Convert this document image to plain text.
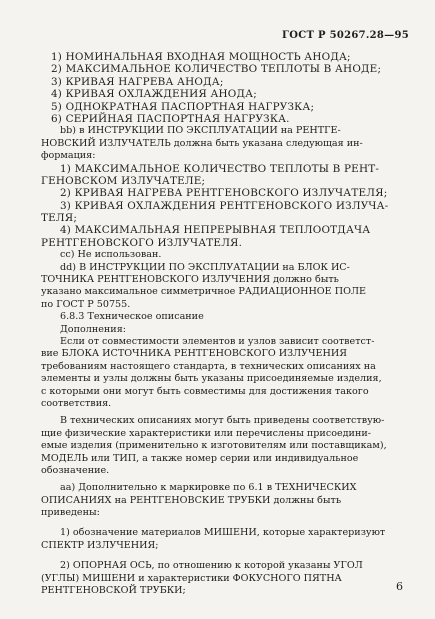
ГОСТ Р 50267.28—95
1) НОМИНАЛЬНАЯ ВХОДНАЯ МОЩНОСТЬ АНОДА;
2) МАКСИМАЛЬНОЕ КОЛИЧЕСТВО ТЕПЛОТЫ В АНОДЕ;
3) КРИВАЯ НАГРЕВА АНОДА;
4) КРИВАЯ ОХЛАЖДЕНИЯ АНОДА;
5) ОДНОКРАТНАЯ ПАСПОРТНАЯ НАГРУЗКА;
6) СЕРИЙНАЯ ПАСПОРТНАЯ НАГРУЗКА.
bb) в ИНСТРУКЦИИ ПО ЭКСПЛУАТАЦИИ на РЕНТГЕ-
НОВСКИЙ ИЗЛУЧАТЕЛЬ должна быть указана следующая ин-
формация:
1) МАКСИМАЛЬНОЕ КОЛИЧЕСТВО ТЕПЛОТЫ В РЕНТ-
ГЕНОВСКОМ ИЗЛУЧАТЕЛЕ;
2) КРИВАЯ НАГРЕВА РЕНТГЕНОВСКОГО ИЗЛУЧАТЕЛЯ;
3) КРИВАЯ ОХЛАЖДЕНИЯ РЕНТГЕНОВСКОГО ИЗЛУЧА-
ТЕЛЯ;
4) МАКСИМАЛЬНАЯ НЕПРЕРЫВНАЯ ТЕПЛООТДАЧА
РЕНТГЕНОВСКОГО ИЗЛУЧАТЕЛЯ.
cc) Не использован.
dd) В ИНСТРУКЦИИ ПО ЭКСПЛУАТАЦИИ на БЛОК ИС-
ТОЧНИКА РЕНТГЕНОВСКОГО ИЗЛУЧЕНИЯ должно быть
указано максимальное симметричное РАДИАЦИОННОЕ ПОЛЕ
по ГОСТ Р 50755.
6.8.3 Техническое описание
Дополнения:
Если от совместимости элементов и узлов зависит соответст-
вие БЛОКА ИСТОЧНИКА РЕНТГЕНОВСКОГО ИЗЛУЧЕНИЯ
требованиям настоящего стандарта, в технических описаниях на
элементы и узлы должны быть указаны присоединяемые изделия,
с которыми они могут быть совместимы для достижения такого
соответствия.
В технических описаниях могут быть приведены соответствую-
щие физические характеристики или перечислены присоедини-
емые изделия (применительно к изготовителям или поставщикам),
МОДЕЛЬ или ТИП, а также номер серии или индивидуальное
обозначение.
aa) Дополнительно к маркировке по 6.1 в ТЕХНИЧЕСКИХ
ОПИСАНИЯХ на РЕНТГЕНОВСКИЕ ТРУБКИ должны быть
приведены:
1) обозначение материалов МИШЕНИ, которые характеризуют
СПЕКТР ИЗЛУЧЕНИЯ;
2) ОПОРНАЯ ОСЬ, по отношению к которой указаны УГОЛ
(УГЛЫ) МИШЕНИ и характеристики ФОКУСНОГО ПЯТНА
РЕНТГЕНОВСКОЙ ТРУБКИ;	6
